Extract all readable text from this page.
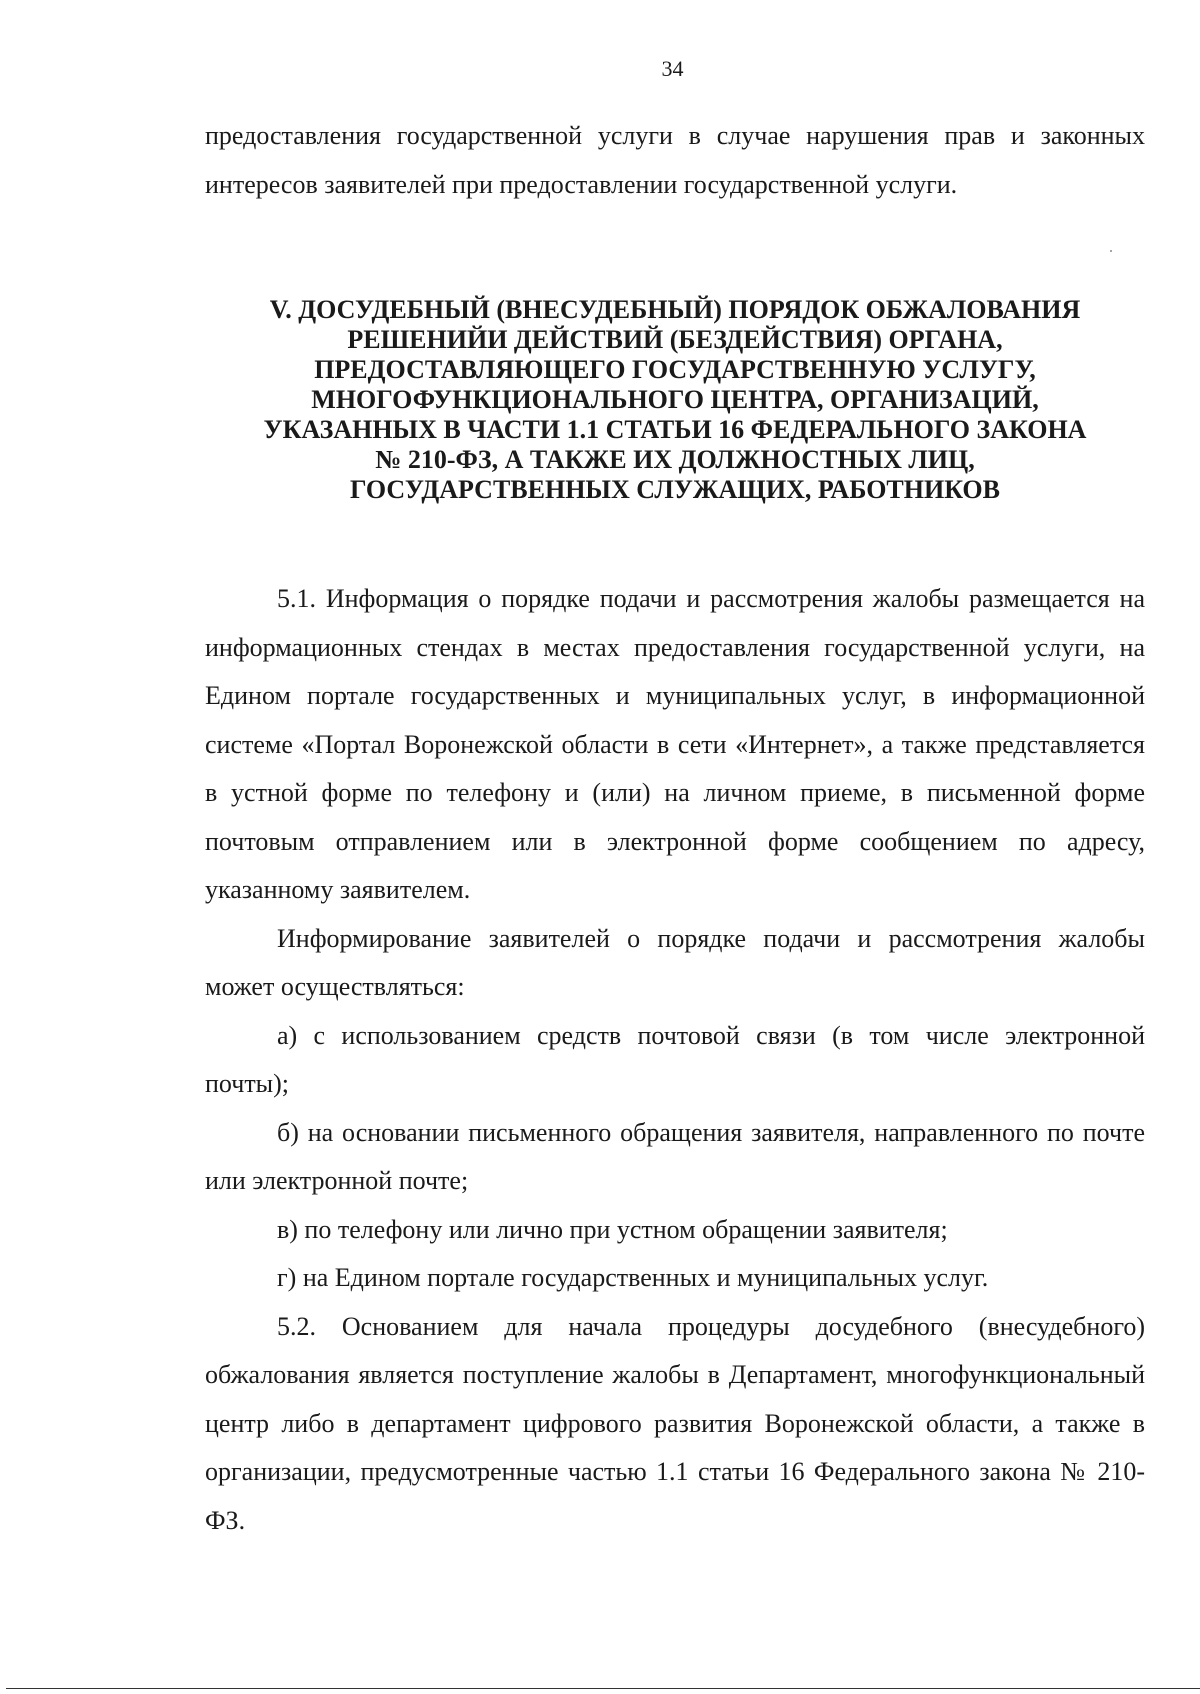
34

предоставления государственной услуги в случае нарушения прав и законных интересов заявителей при предоставлении государственной услуги.

V. ДОСУДЕБНЫЙ (ВНЕСУДЕБНЫЙ) ПОРЯДОК ОБЖАЛОВАНИЯ
РЕШЕНИЙИ ДЕЙСТВИЙ (БЕЗДЕЙСТВИЯ) ОРГАНА,
ПРЕДОСТАВЛЯЮЩЕГО ГОСУДАРСТВЕННУЮ УСЛУГУ,
МНОГОФУНКЦИОНАЛЬНОГО ЦЕНТРА, ОРГАНИЗАЦИЙ,
УКАЗАННЫХ В ЧАСТИ 1.1 СТАТЬИ 16 ФЕДЕРАЛЬНОГО ЗАКОНА
№ 210-ФЗ, А ТАКЖЕ ИХ ДОЛЖНОСТНЫХ ЛИЦ,
ГОСУДАРСТВЕННЫХ СЛУЖАЩИХ, РАБОТНИКОВ

5.1. Информация о порядке подачи и рассмотрения жалобы размещается на информационных стендах в местах предоставления государственной услуги, на Едином портале государственных и муниципальных услуг, в информационной системе «Портал Воронежской области в сети «Интернет», а также представляется в устной форме по телефону и (или) на личном приеме, в письменной форме почтовым отправлением или в электронной форме сообщением по адресу, указанному заявителем.

Информирование заявителей о порядке подачи и рассмотрения жалобы может осуществляться:

а) с использованием средств почтовой связи (в том числе электронной почты);

б) на основании письменного обращения заявителя, направленного по почте или электронной почте;

в) по телефону или лично при устном обращении заявителя;

г) на Едином портале государственных и муниципальных услуг.

5.2. Основанием для начала процедуры досудебного (внесудебного) обжалования является поступление жалобы в Департамент, многофункциональный центр либо в департамент цифрового развития Воронежской области, а также в организации, предусмотренные частью 1.1 статьи 16 Федерального закона № 210-ФЗ.
